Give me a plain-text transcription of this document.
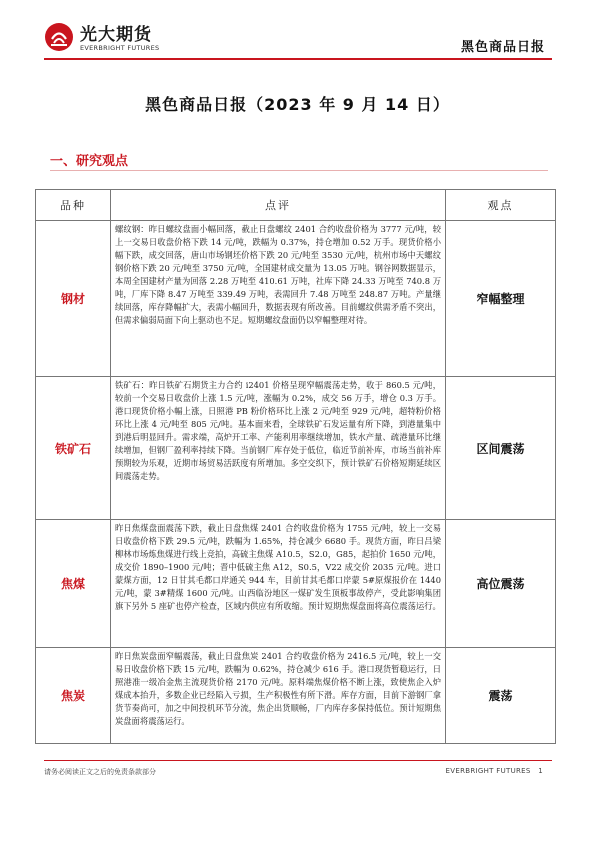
光大期货
EVERBRIGHT FUTURES	黑色商品日报
黑色商品日报（2023 年 9 月 14 日）
一、研究观点
品种	点评	观点
钢材	螺纹钢：昨日螺纹盘面小幅回落，截止日盘螺纹 2401 合约收盘价格为 3777 元/吨，较上一交易日收盘价格下跌 14 元/吨，跌幅为 0.37%，持仓增加 0.52 万手。现货价格小幅下跌，成交回落，唐山市场钢坯价格下跌 20 元/吨至 3530 元/吨，杭州市场中天螺纹钢价格下跌 20 元/吨至 3750 元/吨，全国建材成交量为 13.05 万吨。钢谷网数据显示，本周全国建材产量为回落 2.28 万吨至 410.61 万吨，社库下降 24.33 万吨至 740.8 万吨，厂库下降 8.47 万吨至 339.49 万吨，表需回升 7.48 万吨至 248.87 万吨。产量继续回落，库存降幅扩大，表需小幅回升，数据表现有所改善。目前螺纹供需矛盾不突出，但需求偏弱局面下向上驱动也不足。短期螺纹盘面仍以窄幅整理对待。	窄幅整理
铁矿石	铁矿石：昨日铁矿石期货主力合约 i2401 价格呈现窄幅震荡走势，收于 860.5 元/吨，较前一个交易日收盘价上涨 1.5 元/吨，涨幅为 0.2%，成交 56 万手，增仓 0.3 万手。港口现货价格小幅上涨，日照港 PB 粉价格环比上涨 2 元/吨至 929 元/吨，超特粉价格环比上涨 4 元/吨至 805 元/吨。基本面来看，全球铁矿石发运量有所下降，到港量集中到港后明显回升。需求端，高炉开工率、产能利用率继续增加，铁水产量、疏港量环比继续增加，但钢厂盈利率持续下降。当前钢厂库存处于低位，临近节前补库，市场当前补库预期较为乐观，近期市场贸易活跃度有所增加。多空交织下，预计铁矿石价格短期延续区间震荡走势。	区间震荡
焦煤	昨日焦煤盘面震荡下跌，截止日盘焦煤 2401 合约收盘价格为 1755 元/吨，较上一交易日收盘价格下跌 29.5 元/吨，跌幅为 1.65%，持仓减少 6680 手。现货方面，昨日吕梁柳林市场炼焦煤进行线上竞拍，高硫主焦煤 A10.5，S2.0，G85，起拍价 1650 元/吨，成交价 1890–1900 元/吨；晋中低硫主焦 A12，S0.5，V22 成交价 2035 元/吨。进口蒙煤方面，12 日甘其毛都口岸通关 944 车，目前甘其毛都口岸蒙 5#原煤报价在 1440 元/吨，蒙 3#精煤 1600 元/吨。山西临汾地区一煤矿发生顶板事故停产，受此影响集团旗下另外 5 座矿也停产检查，区域内供应有所收缩。预计短期焦煤盘面将高位震荡运行。	高位震荡
焦炭	昨日焦炭盘面窄幅震荡，截止日盘焦炭 2401 合约收盘价格为 2416.5 元/吨，较上一交易日收盘价格下跌 15 元/吨，跌幅为 0.62%，持仓减少 616 手。港口现货暂稳运行，日照港准一级冶金焦主流现货价格 2170 元/吨。原料端焦煤价格不断上涨，致使焦企入炉煤成本抬升，多数企业已经陷入亏损，生产积极性有所下滑。库存方面，目前下游钢厂拿货节奏尚可，加之中间投机环节分流，焦企出货顺畅，厂内库存多保持低位。预计短期焦炭盘面将震荡运行。	震荡
请务必阅读正文之后的免责条款部分	EVERBRIGHT FUTURES 1
